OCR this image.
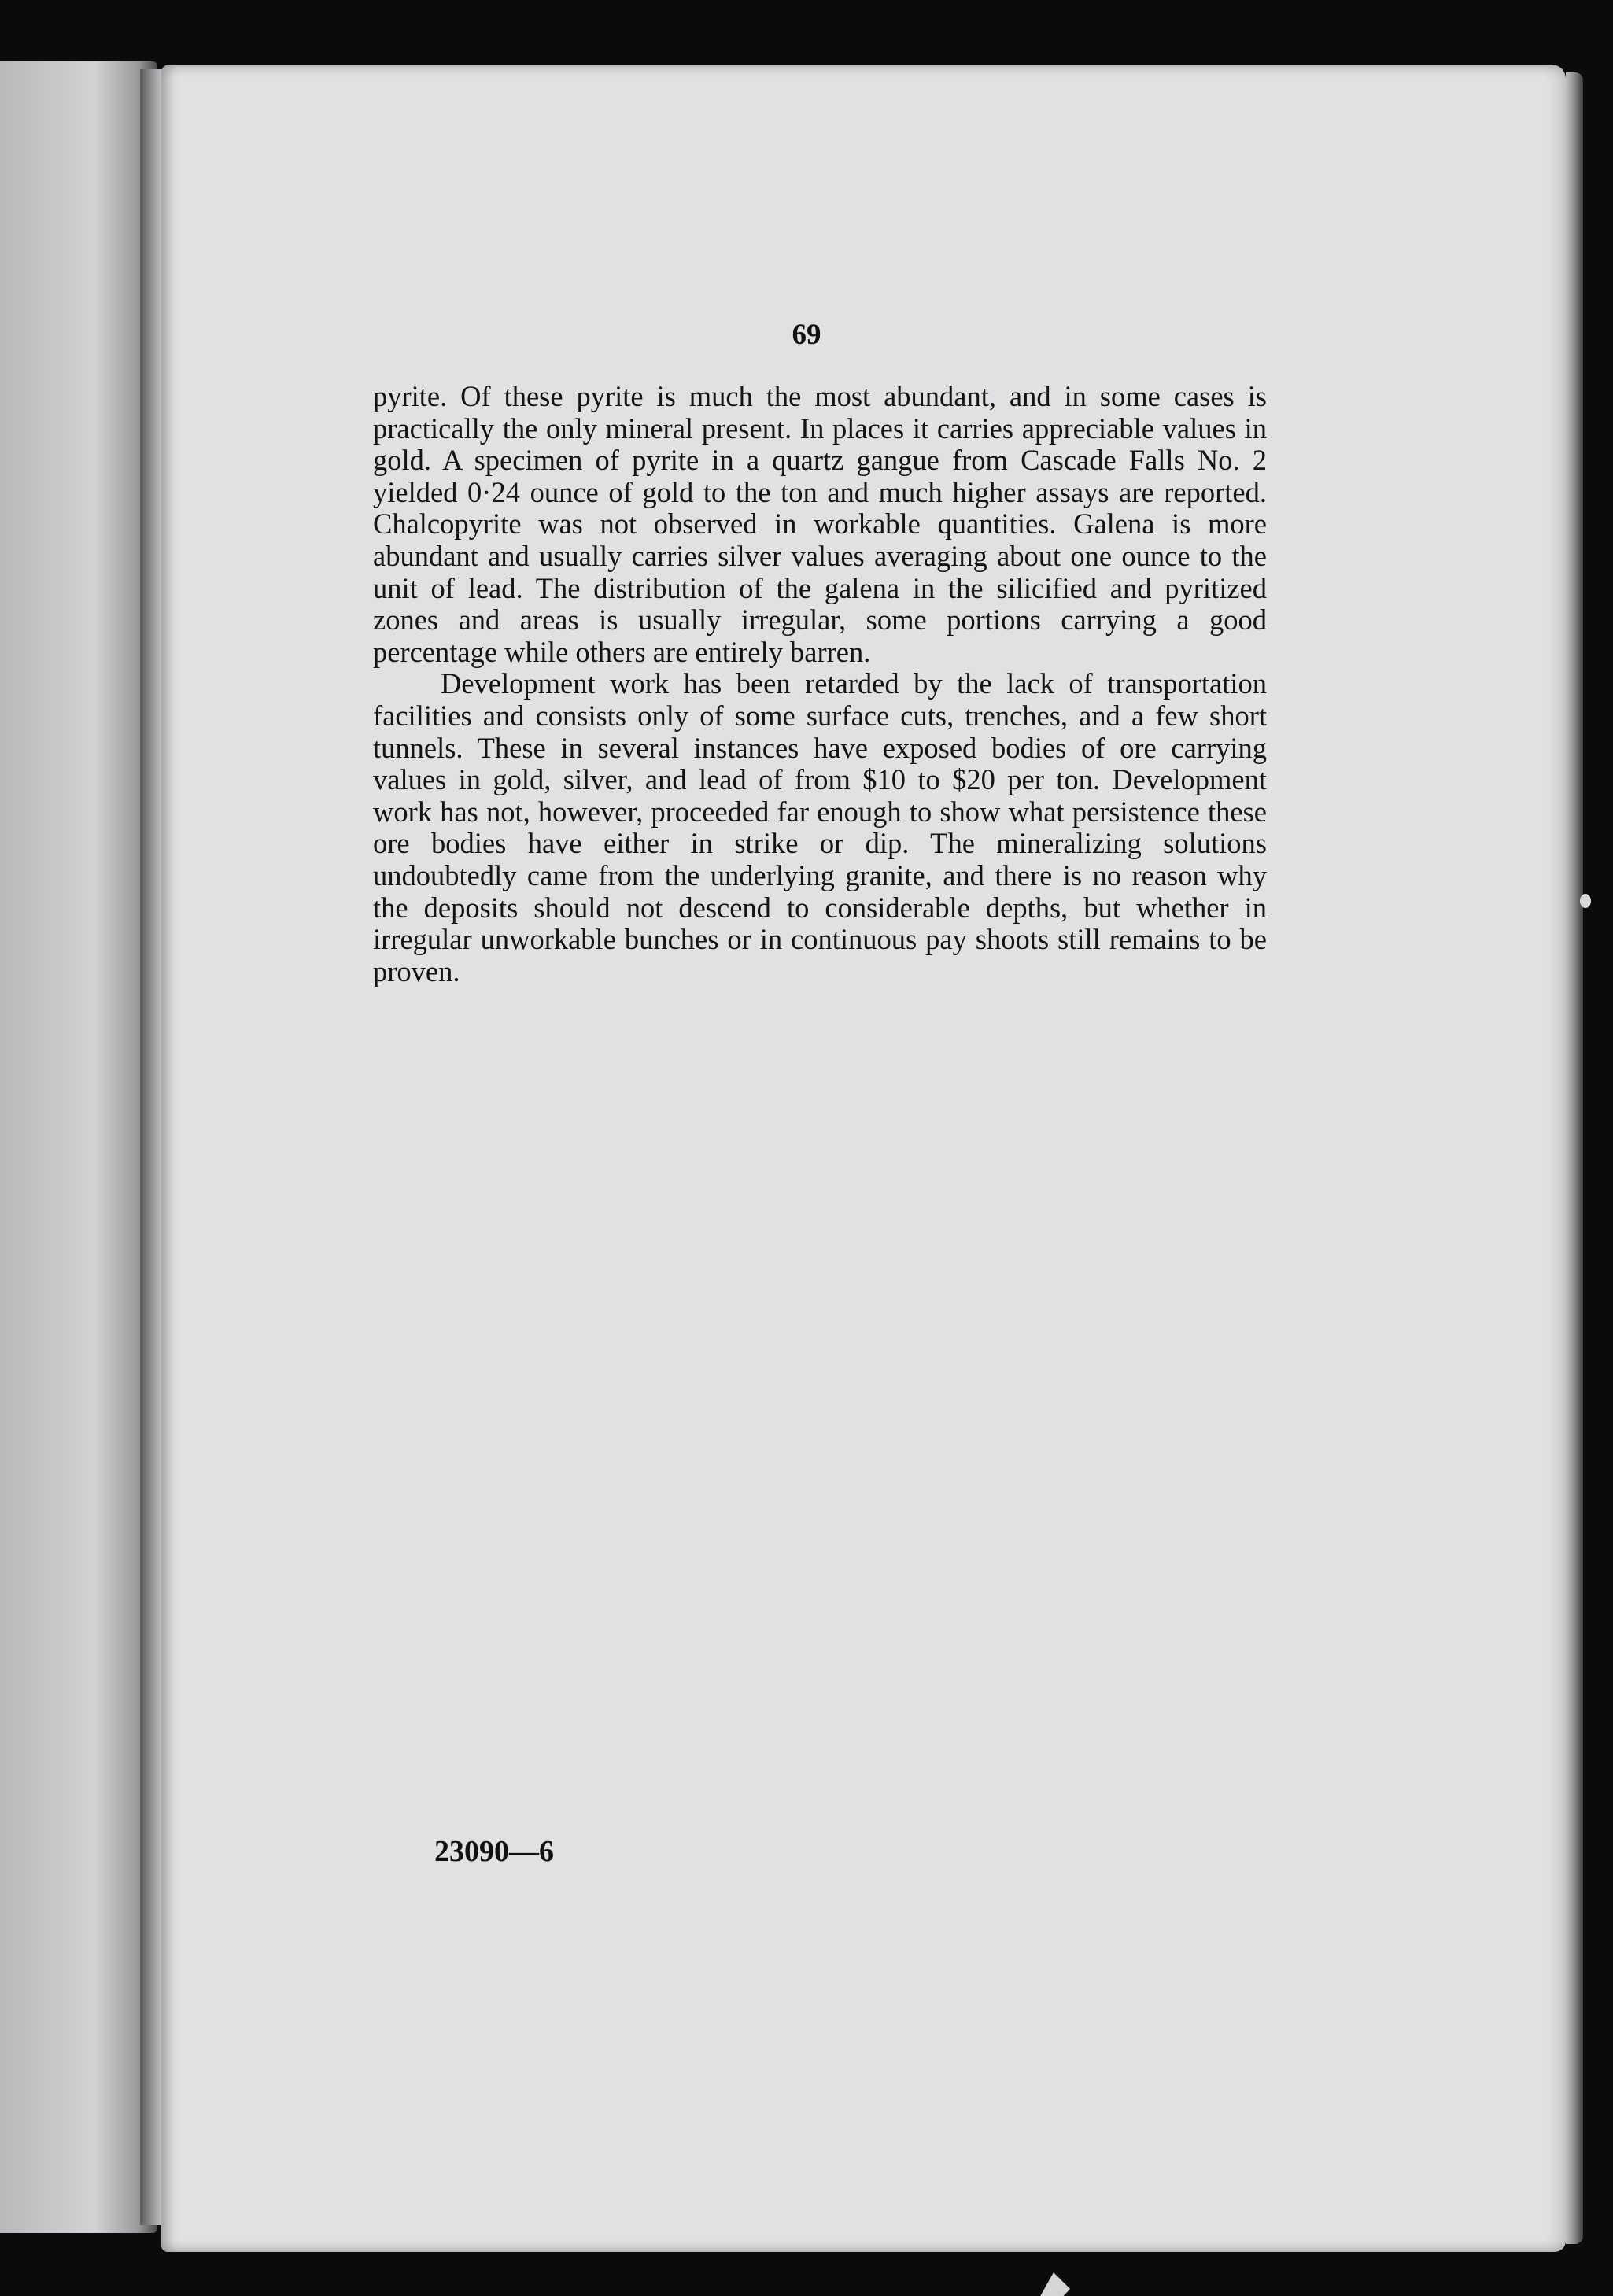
69

pyrite. Of these pyrite is much the most abundant, and in some cases is practically the only mineral present. In places it carries appreciable values in gold. A specimen of pyrite in a quartz gangue from Cascade Falls No. 2 yielded 0·24 ounce of gold to the ton and much higher assays are reported. Chalcopyrite was not observed in workable quantities. Galena is more abundant and usually carries silver values averaging about one ounce to the unit of lead. The distribution of the galena in the silicified and pyritized zones and areas is usually irregular, some portions carrying a good percentage while others are entirely barren.

Development work has been retarded by the lack of transportation facilities and consists only of some surface cuts, trenches, and a few short tunnels. These in several instances have exposed bodies of ore carrying values in gold, silver, and lead of from $10 to $20 per ton. Development work has not, however, proceeded far enough to show what persistence these ore bodies have either in strike or dip. The mineralizing solutions undoubtedly came from the underlying granite, and there is no reason why the deposits should not descend to considerable depths, but whether in irregular unworkable bunches or in continuous pay shoots still remains to be proven.

23090—6
